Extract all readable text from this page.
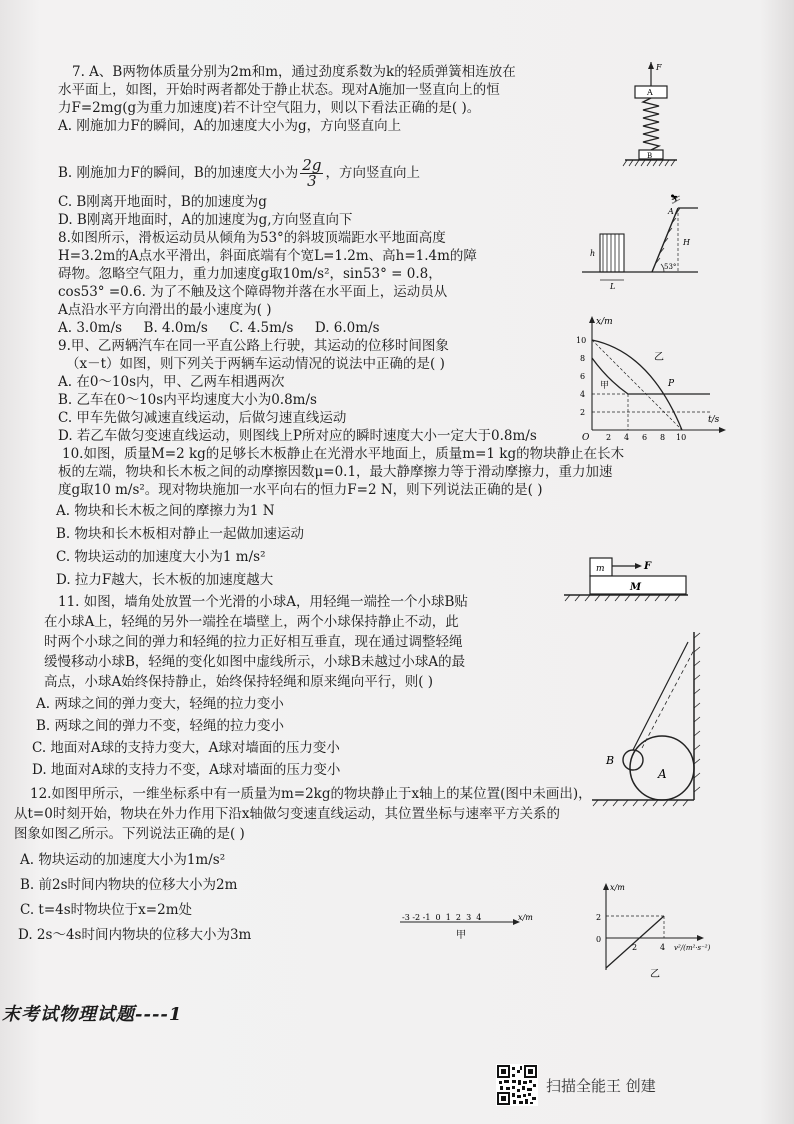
7. A、B两物体质量分别为2m和m，通过劲度系数为k的轻质弹簧相连放在
水平面上，如图，开始时两者都处于静止状态。现对A施加一竖直向上的恒
力F=2mg(g为重力加速度)若不计空气阻力，则以下看法正确的是( )。
A. 刚施加力F的瞬间，A的加速度大小为g，方向竖直向上
B. 刚施加力F的瞬间，B的加速度大小为 $\frac{2g}{3}$ ，方向竖直向上
C. B刚离开地面时，B的加速度为g
D. B刚离开地面时，A的加速度为g,方向竖直向下
8.如图所示，滑板运动员从倾角为53°的斜坡顶端距水平地面高度
H=3.2m的A点水平滑出，斜面底端有个宽L=1.2m、高h=1.4m的障
碍物。忽略空气阻力，重力加速度g取10m/s²，sin53° = 0.8，
cos53° =0.6. 为了不触及这个障碍物并落在水平面上，运动员从
A点沿水平方向滑出的最小速度为( )
A. 3.0m/s     B. 4.0m/s     C. 4.5m/s     D. 6.0m/s
9.甲、乙两辆汽车在同一平直公路上行驶，其运动的位移时间图象
（x－t）如图，则下列关于两辆车运动情况的说法中正确的是( )
A. 在0～10s内，甲、乙两车相遇两次
B. 乙车在0～10s内平均速度大小为0.8m/s
C. 甲车先做匀减速直线运动，后做匀速直线运动
D. 若乙车做匀变速直线运动，则图线上P所对应的瞬时速度大小一定大于0.8m/s
10.如图，质量M=2 kg的足够长木板静止在光滑水平地面上，质量m=1 kg的物块静止在长木
板的左端，物块和长木板之间的动摩擦因数μ=0.1，最大静摩擦力等于滑动摩擦力，重力加速
度g取10 m/s²。现对物块施加一水平向右的恒力F=2 N，则下列说法正确的是( )
A. 物块和长木板之间的摩擦力为1 N
B. 物块和长木板相对静止一起做加速运动
C. 物块运动的加速度大小为1 m/s²
D. 拉力F越大，长木板的加速度越大
11. 如图，墙角处放置一个光滑的小球A，用轻绳一端拴一个小球B贴
在小球A上，轻绳的另外一端拴在墙壁上，两个小球保持静止不动，此
时两个小球之间的弹力和轻绳的拉力正好相互垂直，现在通过调整轻绳
缓慢移动小球B，轻绳的变化如图中虚线所示，小球B未越过小球A的最
高点，小球A始终保持静止，始终保持轻绳和原来绳向平行，则( )
A. 两球之间的弹力变大，轻绳的拉力变小
B. 两球之间的弹力不变，轻绳的拉力变小
C. 地面对A球的支持力变大，A球对墙面的压力变小
D. 地面对A球的支持力不变，A球对墙面的压力变小
12.如图甲所示，一维坐标系中有一质量为m=2kg的物块静止于x轴上的某位置(图中未画出)，
从t=0时刻开始，物块在外力作用下沿x轴做匀变速直线运动，其位置坐标与速率平方关系的
图象如图乙所示。下列说法正确的是( )
A. 物块运动的加速度大小为1m/s²
B. 前2s时间内物块的位移大小为2m
C. t=4s时物块位于x=2m处
D. 2s～4s时间内物块的位移大小为3m
F
A
B
⛷
A
H
53°
h
L
x/m
t/s
O
10
8
6
4
2
2 4 6 8 10
甲
乙
P
m	F
M
A
B
-3 -2 -1  0  1  2  3  4	x/m
甲
x/m
v²/(m²·s⁻²)
2
0
2	4
乙
末考试物理试题----1
扫描全能王 创建
